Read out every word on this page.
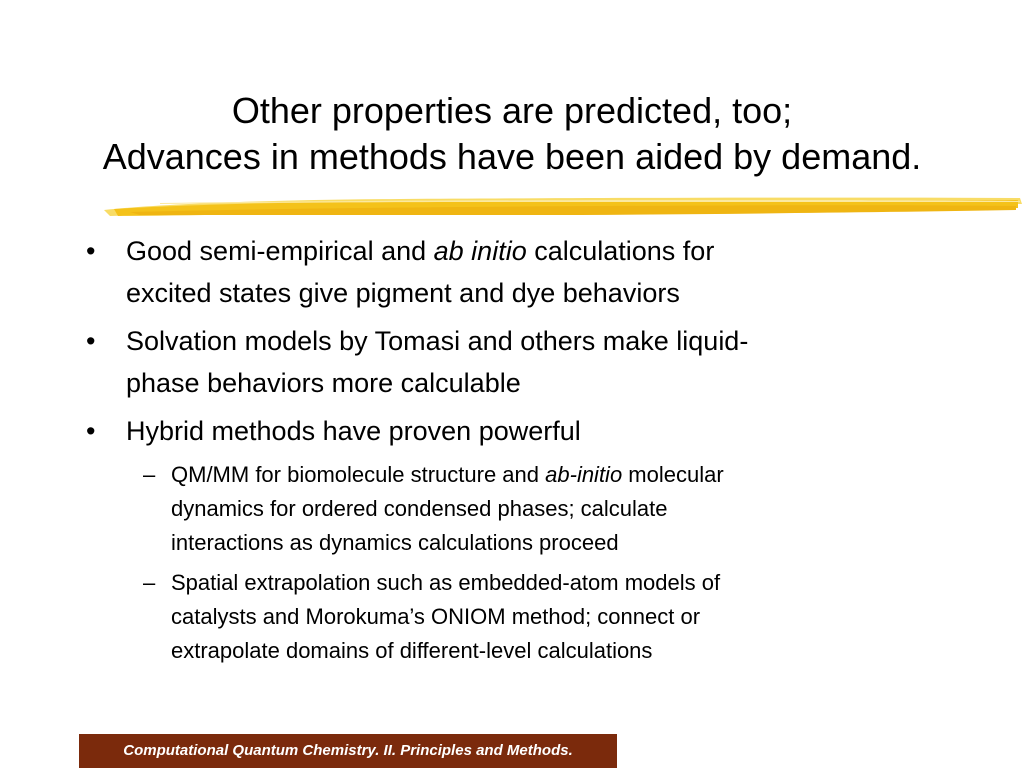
Other properties are predicted, too;
Advances in methods have been aided by demand.
• Good semi-empirical and ab initio calculations for
excited states give pigment and dye behaviors
• Solvation models by Tomasi and others make liquid-
phase behaviors more calculable
• Hybrid methods have proven powerful
– QM/MM for biomolecule structure and ab-initio molecular
dynamics for ordered condensed phases; calculate
interactions as dynamics calculations proceed
– Spatial extrapolation such as embedded-atom models of
catalysts and Morokuma’s ONIOM method; connect or
extrapolate domains of different-level calculations
Computational Quantum Chemistry. II. Principles and Methods.
